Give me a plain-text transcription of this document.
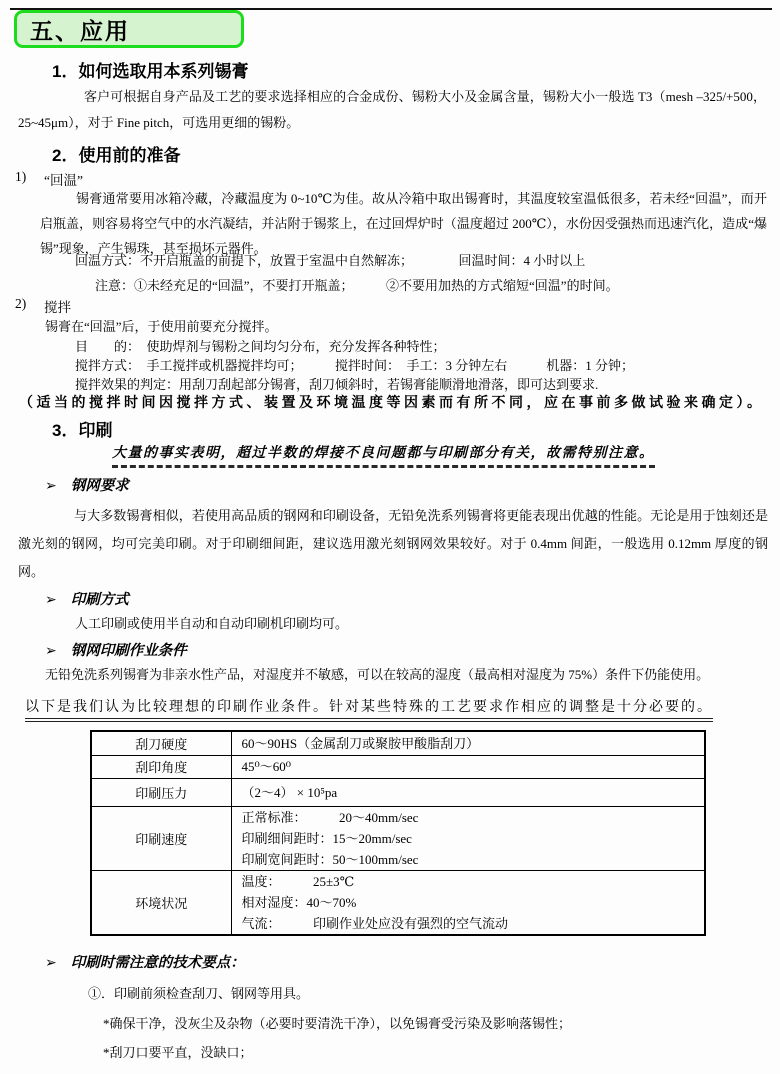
五、应用
1．如何选取用本系列锡膏
客户可根据自身产品及工艺的要求选择相应的合金成份、锡粉大小及金属含量，锡粉大小一般选 T3（mesh –325/+500，25~45μm），对于 Fine pitch，可选用更细的锡粉。
2．使用前的准备
1) “回温”
锡膏通常要用冰箱冷藏，冷藏温度为 0~10℃为佳。故从冷箱中取出锡膏时，其温度较室温低很多，若未经“回温”，而开启瓶盖，则容易将空气中的水汽凝结，并沾附于锡浆上，在过回焊炉时（温度超过 200℃），水份因受强热而迅速汽化，造成“爆锡”现象，产生锡珠，甚至损坏元器件。
回温方式：不开启瓶盖的前提下，放置于室温中自然解冻；　　　　回温时间：4 小时以上
注意：①未经充足的“回温”，不要打开瓶盖；　　　②不要用加热的方式缩短“回温”的时间。
2) 搅拌
锡膏在“回温”后，于使用前要充分搅拌。
目　　的：　使助焊剂与锡粉之间均匀分布，充分发挥各种特性；
搅拌方式：　手工搅拌或机器搅拌均可；　　　搅拌时间：　手工：3 分钟左右　　　机器：1 分钟；
搅拌效果的判定：用刮刀刮起部分锡膏，刮刀倾斜时，若锡膏能顺滑地滑落，即可达到要求.
（适当的搅拌时间因搅拌方式、装置及环境温度等因素而有所不同，应在事前多做试验来确定）。
3．印刷
大量的事实表明，超过半数的焊接不良问题都与印刷部分有关，故需特别注意。
➢ 钢网要求
与大多数锡膏相似，若使用高品质的钢网和印刷设备，无铅免洗系列锡膏将更能表现出优越的性能。无论是用于蚀刻还是激光刻的钢网，均可完美印刷。对于印刷细间距，建议选用激光刻钢网效果较好。对于 0.4mm 间距，一般选用 0.12mm 厚度的钢网。
➢ 印刷方式
人工印刷或使用半自动和自动印刷机印刷均可。
➢ 钢网印刷作业条件
无铅免洗系列锡膏为非亲水性产品，对湿度并不敏感，可以在较高的湿度（最高相对湿度为 75%）条件下仍能使用。
以下是我们认为比较理想的印刷作业条件。针对某些特殊的工艺要求作相应的调整是十分必要的。
刮刀硬度	60～90HS（金属刮刀或聚胺甲酸脂刮刀）

刮印角度	45⁰～60⁰

印刷压力	（2～4） × 10⁵pa

印刷速度	正常标准：　　　20～40mm/sec
印刷细间距时：15～20mm/sec
印刷宽间距时：50～100mm/sec

环境状况	温度：　　　25±3℃
相对湿度：40～70%
气流：　　　印刷作业处应没有强烈的空气流动
➢ 印刷时需注意的技术要点：
①．印刷前须检查刮刀、钢网等用具。
*确保干净，没灰尘及杂物（必要时要清洗干净），以免锡膏受污染及影响落锡性；
*刮刀口要平直，没缺口；
